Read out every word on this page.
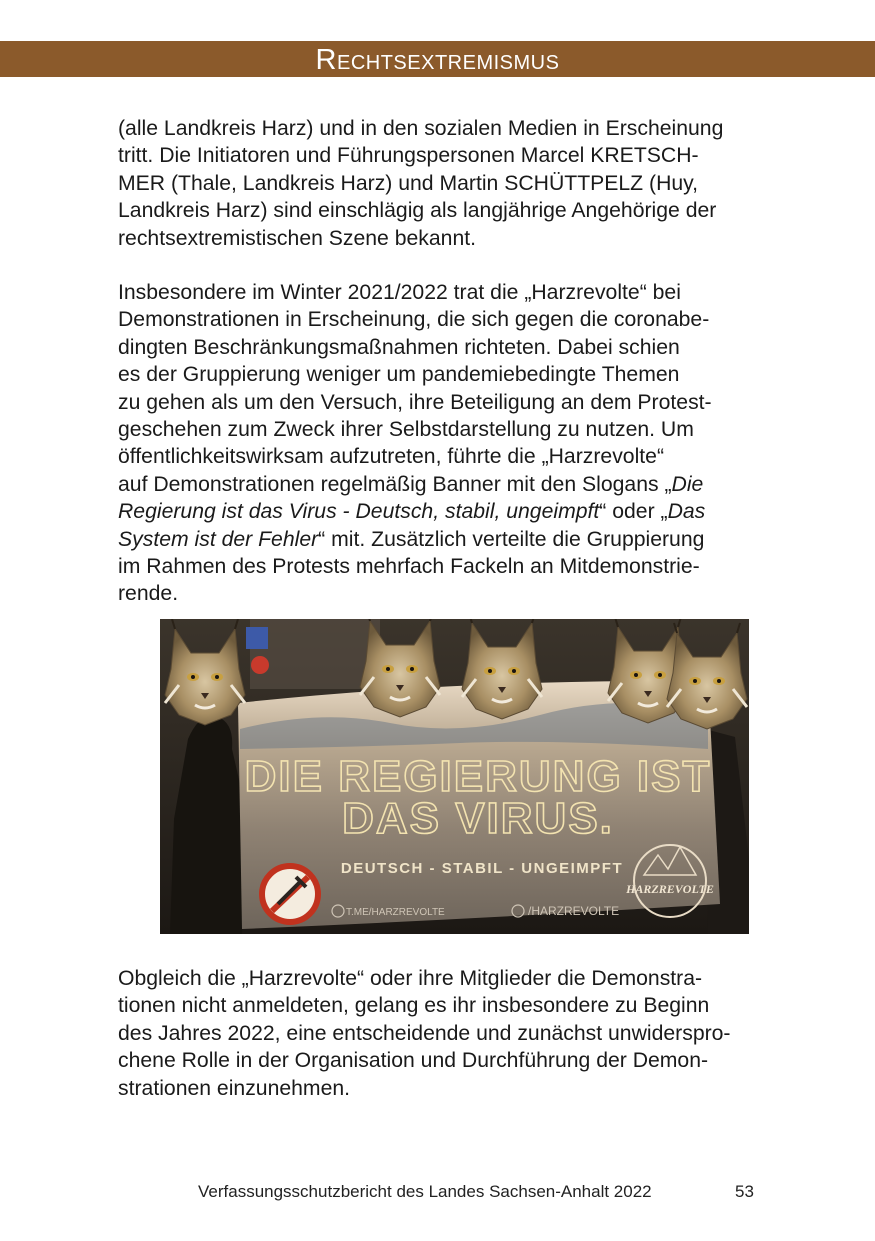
Rechtsextremismus
(alle Landkreis Harz) und in den sozialen Medien in Erscheinung
tritt. Die Initiatoren und Führungspersonen Marcel KRETSCH-
MER (Thale, Landkreis Harz) und Martin SCHÜTTPELZ (Huy,
Landkreis Harz) sind einschlägig als langjährige Angehörige der
rechtsextremistischen Szene bekannt.
Insbesondere im Winter 2021/2022 trat die „Harzrevolte“ bei
Demonstrationen in Erscheinung, die sich gegen die coronabe-
dingten Beschränkungsmaßnahmen richteten. Dabei schien
es der Gruppierung weniger um pandemiebedingte Themen
zu gehen als um den Versuch, ihre Beteiligung an dem Protest-
geschehen zum Zweck ihrer Selbstdarstellung zu nutzen. Um
öffentlichkeitswirksam aufzutreten, führte die „Harzrevolte“
auf Demonstrationen regelmäßig Banner mit den Slogans „Die
Regierung ist das Virus - Deutsch, stabil, ungeimpft“ oder „Das
System ist der Fehler“ mit. Zusätzlich verteilte die Gruppierung
im Rahmen des Protests mehrfach Fackeln an Mitdemonstrie-
rende.
DIE REGIERUNG IST
DAS VIRUS.
DEUTSCH - STABIL - UNGEIMPFT
T.ME/HARZREVOLTE	/HARZREVOLTE
HARZREVOLTE
Obgleich die „Harzrevolte“ oder ihre Mitglieder die Demonstra-
tionen nicht anmeldeten, gelang es ihr insbesondere zu Beginn
des Jahres 2022, eine entscheidende und zunächst unwiderspro-
chene Rolle in der Organisation und Durchführung der Demon-
strationen einzunehmen.
Verfassungsschutzbericht des Landes Sachsen-Anhalt 2022	53
